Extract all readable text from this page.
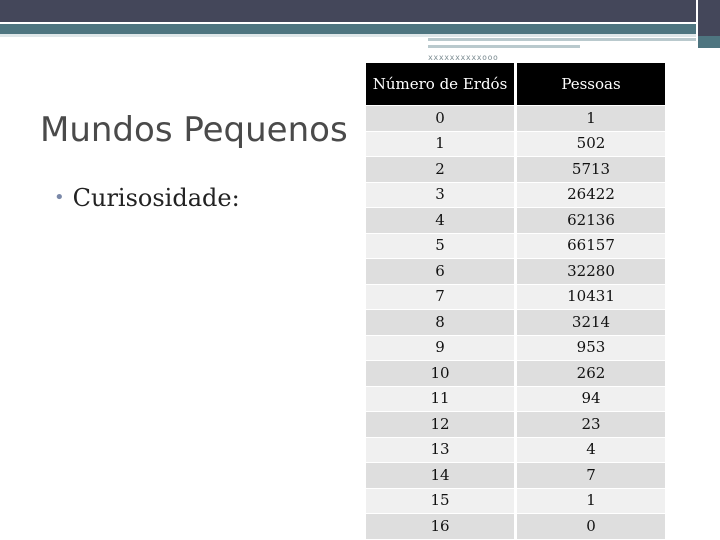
xxxxxxxxxxooo
Mundos Pequenos
• Curisosidade:
Número de Erdós	Pessoas
0	1
1	502
2	5713
3	26422
4	62136
5	66157
6	32280
7	10431
8	3214
9	953
10	262
11	94
12	23
13	4
14	7
15	1
16	0
